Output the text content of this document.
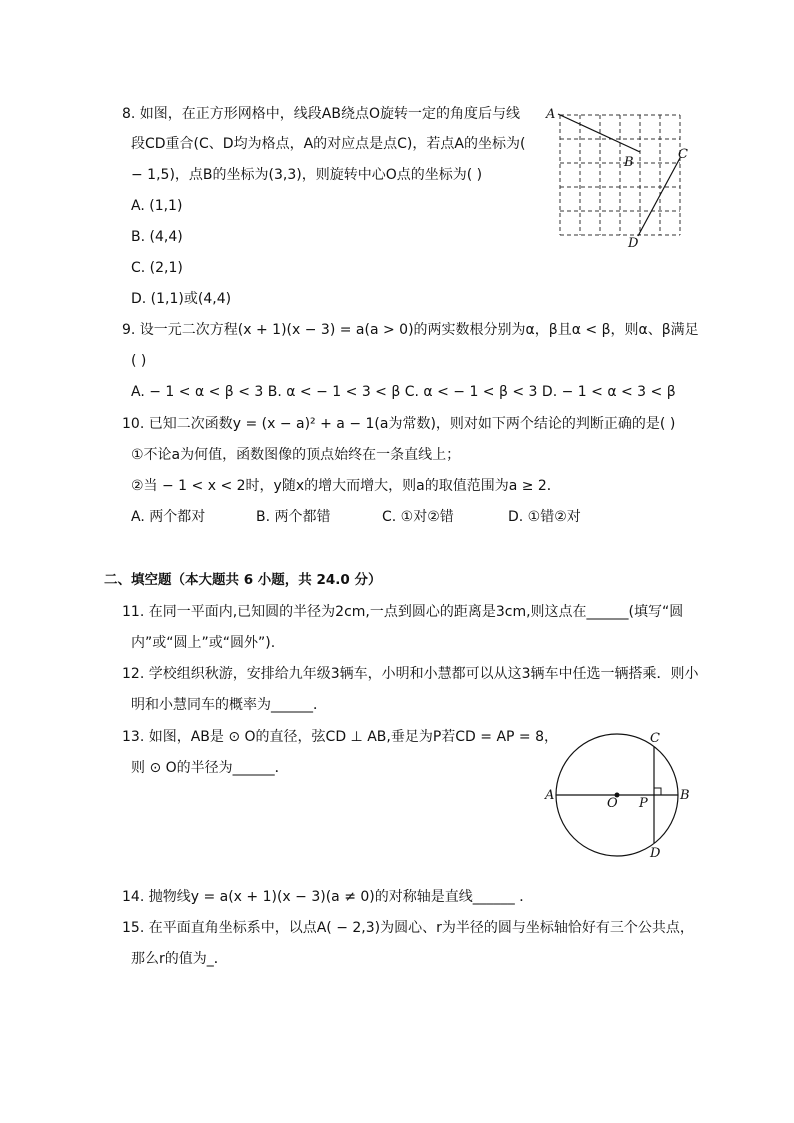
8. 如图，在正方形网格中，线段AB绕点O旋转一定的角度后与线
段CD重合(C、D均为格点，A的对应点是点C)，若点A的坐标为(
− 1,5)，点B的坐标为(3,3)，则旋转中心O点的坐标为( )
A. (1,1)
B. (4,4)
C. (2,1)
D. (1,1)或(4,4)
A
B
C
D
9. 设一元二次方程(x + 1)(x − 3) = a(a > 0)的两实数根分别为α，β且α < β，则α、β满足
( )
A. − 1 < α < β < 3 B. α < − 1 < 3 < β C. α < − 1 < β < 3 D. − 1 < α < 3 < β
10. 已知二次函数y = (x − a)² + a − 1(a为常数)，则对如下两个结论的判断正确的是( )
①不论a为何值，函数图像的顶点始终在一条直线上；
②当 − 1 < x < 2时，y随x的增大而增大，则a的取值范围为a ≥ 2．
A. 两个都对	B. 两个都错	C. ①对②错	D. ①错②对
二、填空题（本大题共 6 小题，共 24.0 分）
11. 在同一平面内,已知圆的半径为2cm,一点到圆心的距离是3cm,则这点在______(填写“圆
内”或“圆上”或“圆外”).
12. 学校组织秋游，安排给九年级3辆车，小明和小慧都可以从这3辆车中任选一辆搭乘．则小
明和小慧同车的概率为______．
13. 如图，AB是 ⊙ O的直径，弦CD ⊥ AB,垂足为P若CD = AP = 8，
则 ⊙ O的半径为______．
A	B
C
D
O P
14. 抛物线y = a(x + 1)(x − 3)(a ≠ 0)的对称轴是直线______ ．
15. 在平面直角坐标系中，以点A( − 2,3)为圆心、r为半径的圆与坐标轴恰好有三个公共点，
那么r的值为_．
